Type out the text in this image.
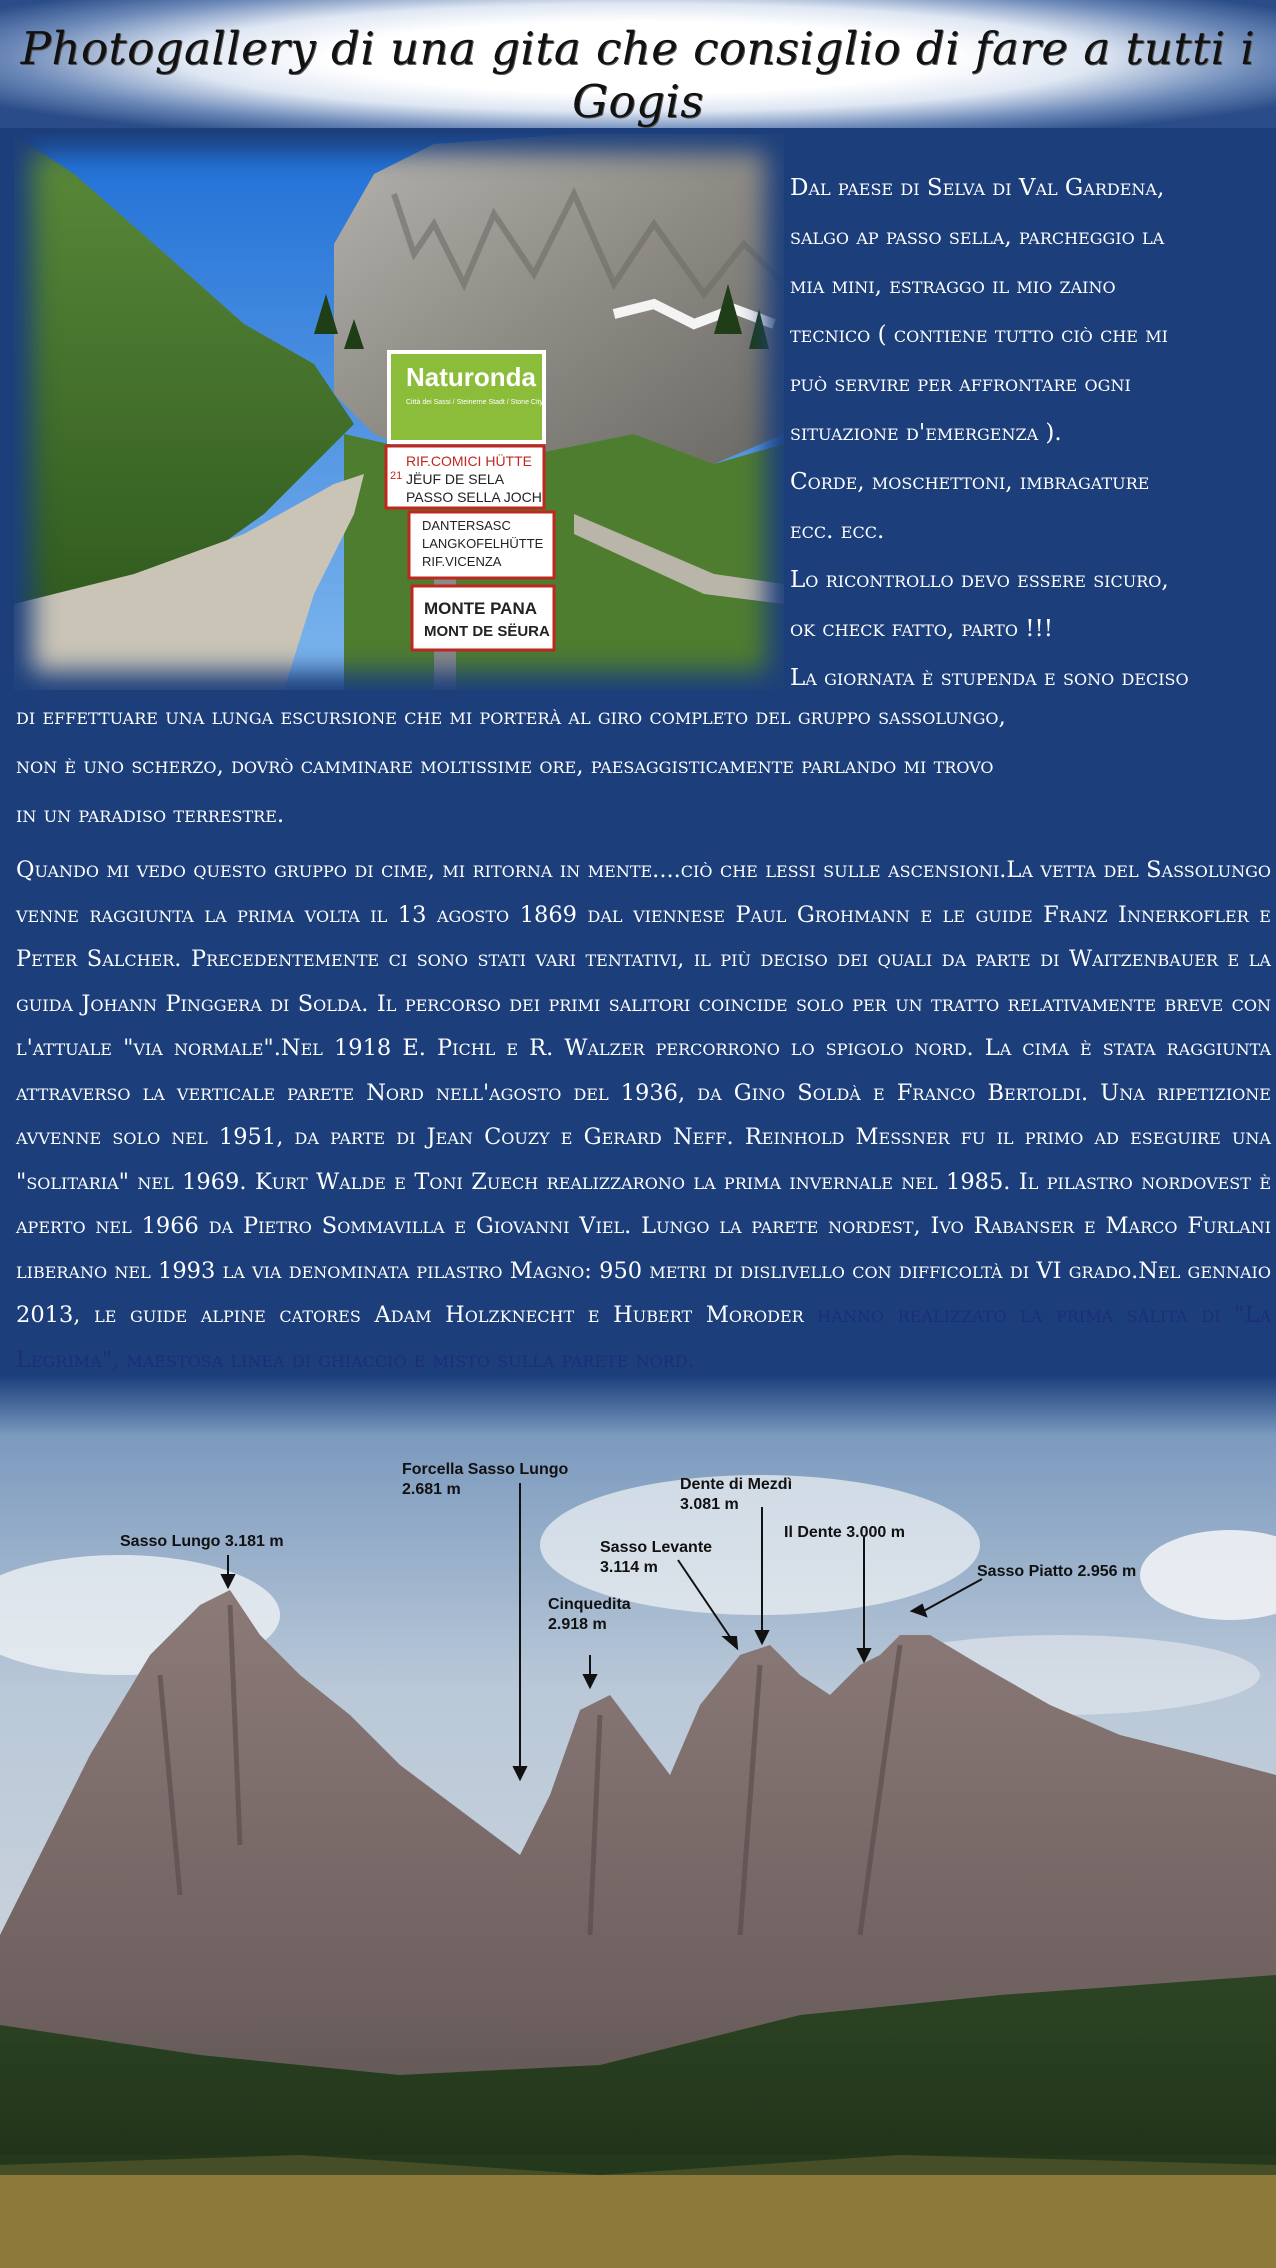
Photogallery di una gita che consiglio di fare a tutti i Gogis
Naturonda
Città dei Sassi / Steinerne Stadt / Stone City
RIF.COMICI HÜTTE
JËUF DE SELA
PASSO SELLA JOCH
21
DANTERSASC
LANGKOFELHÜTTE
RIF.VICENZA
MONTE PANA
MONT DE SËURA

Dal paese di Selva di Val Gardena,

salgo ap passo sella, parcheggio la

mia mini, estraggo il mio zaino

tecnico ( contiene tutto ciò che mi

può servire per affrontare ogni

situazione d'emergenza ).

Corde, moschettoni, imbragature

ecc. ecc.

Lo ricontrollo devo essere sicuro,

ok check fatto, parto !!!

La giornata è stupenda e sono deciso

di effettuare una lunga escursione che mi porterà al giro completo del gruppo sassolungo,

non è uno scherzo, dovrò camminare moltissime ore, paesaggisticamente parlando mi trovo

in un paradiso terrestre.

Sasso Lungo 3.181 m
Forcella Sasso Lungo
2.681 m
Cinquedita
2.918 m
Sasso Levante
3.114 m
Dente di Mezdì
3.081 m
Il Dente 3.000 m
Sasso Piatto 2.956 m
Quando mi vedo questo gruppo di cime, mi ritorna in mente....ciò che lessi sulle ascensioni.La vetta del Sassolungo venne raggiunta la prima volta il 13 agosto 1869 dal viennese Paul Grohmann e le guide Franz Innerkofler e Peter Salcher. Precedentemente ci sono stati vari tentativi, il più deciso dei quali da parte di Waitzenbauer e la guida Johann Pinggera di Solda. Il percorso dei primi salitori coincide solo per un tratto relativamente breve con l'attuale "via normale".Nel 1918 E. Pichl e R. Walzer percorrono lo spigolo nord. La cima è stata raggiunta attraverso la verticale parete Nord nell'agosto del 1936, da Gino Soldà e Franco Bertoldi. Una ripetizione avvenne solo nel 1951, da parte di Jean Couzy e Gerard Neff. Reinhold Messner fu il primo ad eseguire una "solitaria" nel 1969. Kurt Walde e Toni Zuech realizzarono la prima invernale nel 1985. Il pilastro nordovest è aperto nel 1966 da Pietro Sommavilla e Giovanni Viel. Lungo la parete nordest, Ivo Rabanser e Marco Furlani liberano nel 1993 la via denominata pilastro Magno: 950 metri di dislivello con difficoltà di VI grado.Nel gennaio 2013, le guide alpine catores Adam Holzknecht e Hubert Moroder hanno realizzato la prima salita di "La Legrima", maestosa linea di ghiaccio e misto sulla parete nord.
